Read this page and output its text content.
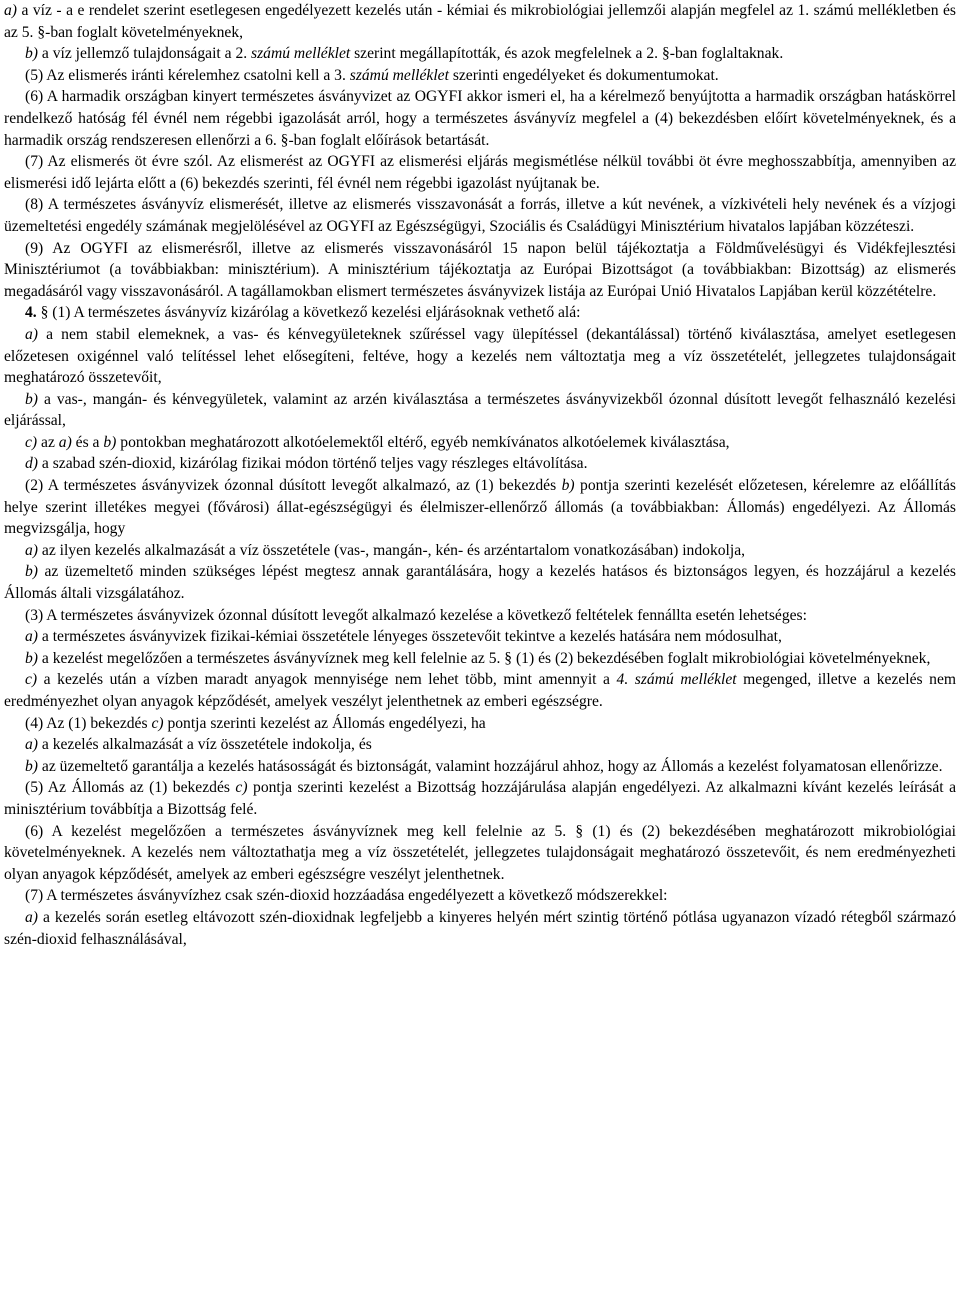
a) a víz - a e rendelet szerint esetlegesen engedélyezett kezelés után - kémiai és mikrobiológiai jellemzői alapján megfelel az 1. számú mellékletben és az 5. §-ban foglalt követelményeknek,

b) a víz jellemző tulajdonságait a 2. számú melléklet szerint megállapították, és azok megfelelnek a 2. §-ban foglaltaknak.

(5) Az elismerés iránti kérelemhez csatolni kell a 3. számú melléklet szerinti engedélyeket és dokumentumokat.

(6) A harmadik országban kinyert természetes ásványvizet az OGYFI akkor ismeri el, ha a kérelmező benyújtotta a harmadik országban hatáskörrel rendelkező hatóság fél évnél nem régebbi igazolását arról, hogy a természetes ásványvíz megfelel a (4) bekezdésben előírt követelményeknek, és a harmadik ország rendszeresen ellenőrzi a 6. §-ban foglalt előírások betartását.

(7) Az elismerés öt évre szól. Az elismerést az OGYFI az elismerési eljárás megismétlése nélkül további öt évre meghosszabbítja, amennyiben az elismerési idő lejárta előtt a (6) bekezdés szerinti, fél évnél nem régebbi igazolást nyújtanak be.

(8) A természetes ásványvíz elismerését, illetve az elismerés visszavonását a forrás, illetve a kút nevének, a vízkivételi hely nevének és a vízjogi üzemeltetési engedély számának megjelölésével az OGYFI az Egészségügyi, Szociális és Családügyi Minisztérium hivatalos lapjában közzéteszi.

(9) Az OGYFI az elismerésről, illetve az elismerés visszavonásáról 15 napon belül tájékoztatja a Földművelésügyi és Vidékfejlesztési Minisztériumot (a továbbiakban: minisztérium). A minisztérium tájékoztatja az Európai Bizottságot (a továbbiakban: Bizottság) az elismerés megadásáról vagy visszavonásáról. A tagállamokban elismert természetes ásványvizek listája az Európai Unió Hivatalos Lapjában kerül közzétételre.

4. § (1) A természetes ásványvíz kizárólag a következő kezelési eljárásoknak vethető alá:

a) a nem stabil elemeknek, a vas- és kénvegyületeknek szűréssel vagy ülepítéssel (dekantálással) történő kiválasztása, amelyet esetlegesen előzetesen oxigénnel való telítéssel lehet elősegíteni, feltéve, hogy a kezelés nem változtatja meg a víz összetételét, jellegzetes tulajdonságait meghatározó összetevőit,

b) a vas-, mangán- és kénvegyületek, valamint az arzén kiválasztása a természetes ásványvizekből ózonnal dúsított levegőt felhasználó kezelési eljárással,

c) az a) és a b) pontokban meghatározott alkotóelemektől eltérő, egyéb nemkívánatos alkotóelemek kiválasztása,

d) a szabad szén-dioxid, kizárólag fizikai módon történő teljes vagy részleges eltávolítása.

(2) A természetes ásványvizek ózonnal dúsított levegőt alkalmazó, az (1) bekezdés b) pontja szerinti kezelését előzetesen, kérelemre az előállítás helye szerint illetékes megyei (fővárosi) állat-egészségügyi és élelmiszer-ellenőrző állomás (a továbbiakban: Állomás) engedélyezi. Az Állomás megvizsgálja, hogy

a) az ilyen kezelés alkalmazását a víz összetétele (vas-, mangán-, kén- és arzéntartalom vonatkozásában) indokolja,

b) az üzemeltető minden szükséges lépést megtesz annak garantálására, hogy a kezelés hatásos és biztonságos legyen, és hozzájárul a kezelés Állomás általi vizsgálatához.

(3) A természetes ásványvizek ózonnal dúsított levegőt alkalmazó kezelése a következő feltételek fennállta esetén lehetséges:

a) a természetes ásványvizek fizikai-kémiai összetétele lényeges összetevőit tekintve a kezelés hatására nem módosulhat,

b) a kezelést megelőzően a természetes ásványvíznek meg kell felelnie az 5. § (1) és (2) bekezdésében foglalt mikrobiológiai követelményeknek,

c) a kezelés után a vízben maradt anyagok mennyisége nem lehet több, mint amennyit a 4. számú melléklet megenged, illetve a kezelés nem eredményezhet olyan anyagok képződését, amelyek veszélyt jelenthetnek az emberi egészségre.

(4) Az (1) bekezdés c) pontja szerinti kezelést az Állomás engedélyezi, ha

a) a kezelés alkalmazását a víz összetétele indokolja, és

b) az üzemeltető garantálja a kezelés hatásosságát és biztonságát, valamint hozzájárul ahhoz, hogy az Állomás a kezelést folyamatosan ellenőrizze.

(5) Az Állomás az (1) bekezdés c) pontja szerinti kezelést a Bizottság hozzájárulása alapján engedélyezi. Az alkalmazni kívánt kezelés leírását a minisztérium továbbítja a Bizottság felé.

(6) A kezelést megelőzően a természetes ásványvíznek meg kell felelnie az 5. § (1) és (2) bekezdésében meghatározott mikrobiológiai követelményeknek. A kezelés nem változtathatja meg a víz összetételét, jellegzetes tulajdonságait meghatározó összetevőit, és nem eredményezheti olyan anyagok képződését, amelyek az emberi egészségre veszélyt jelenthetnek.

(7) A természetes ásványvízhez csak szén-dioxid hozzáadása engedélyezett a következő módszerekkel:

a) a kezelés során esetleg eltávozott szén-dioxidnak legfeljebb a kinyeres helyén mért szintig történő pótlása ugyanazon vízadó rétegből származó szén-dioxid felhasználásával,
